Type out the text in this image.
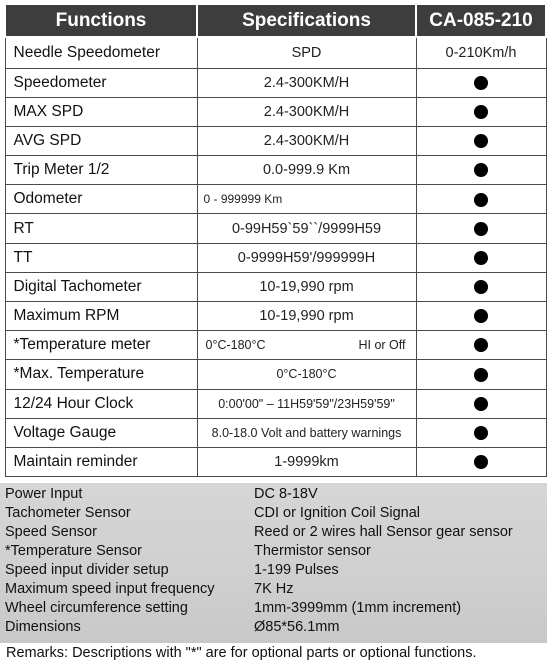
Functions	Specifications	CA-085-210
Needle Speedometer	SPD	0-210Km/h
Speedometer	2.4-300KM/H	
MAX SPD	2.4-300KM/H	
AVG SPD	2.4-300KM/H	
Trip Meter 1/2	0.0-999.9 Km	
Odometer	0 - 999999 Km	
RT	0-99H59`59``/9999H59	
TT	0-9999H59'/999999H	
Digital Tachometer	10-19,990 rpm	
Maximum RPM	10-19,990 rpm	
*Temperature meter	0°C-180°C HI or Off	

*Max. Temperature	0°C-180°C	
12/24 Hour Clock	0:00'00" – 11H59'59"/23H59'59"	
Voltage Gauge	8.0-18.0 Volt and battery warnings	
Maintain reminder	1-9999km	
Power Input	DC 8-18V
Tachometer Sensor	CDI or Ignition Coil Signal
Speed Sensor	Reed or 2 wires hall Sensor gear sensor
*Temperature Sensor	Thermistor sensor
Speed input divider setup	1-199 Pulses
Maximum speed input frequency	7K Hz
Wheel circumference setting	1mm-3999mm (1mm increment)
Dimensions	Ø85*56.1mm
Remarks: Descriptions with "*" are for optional parts or optional functions.
